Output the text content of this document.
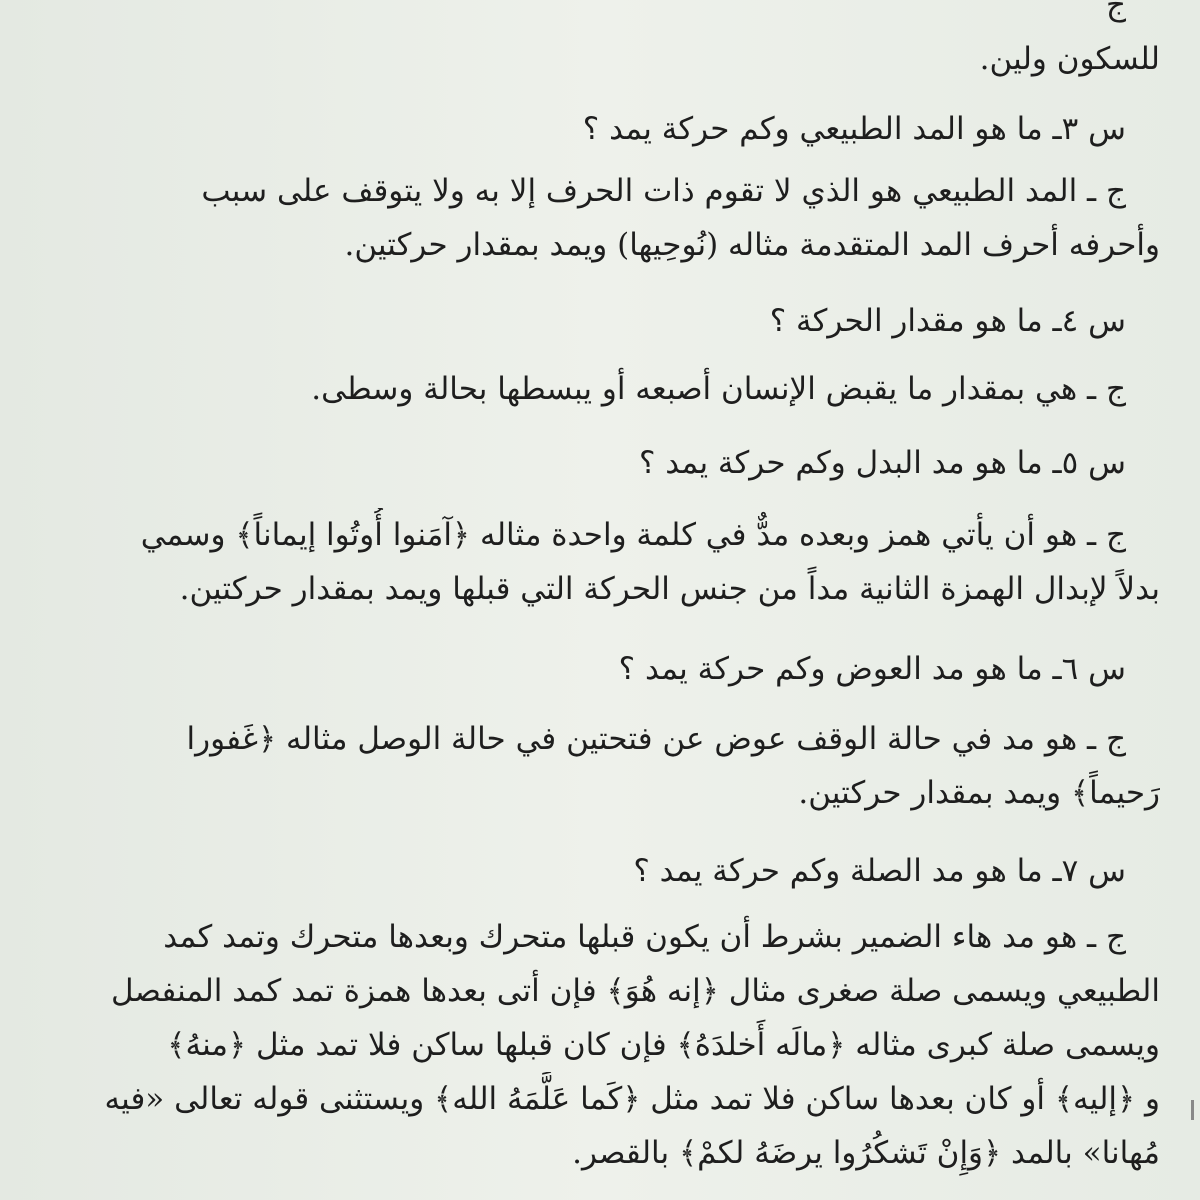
ج
للسكون ولين.
س ٣ـ ما هو المد الطبيعي وكم حركة يمد ؟
ج ـ المد الطبيعي هو الذي لا تقوم ذات الحرف إلا به ولا يتوقف على سبب
وأحرفه أحرف المد المتقدمة مثاله (نُوحِيها) ويمد بمقدار حركتين.
س ٤ـ ما هو مقدار الحركة ؟
ج ـ هي بمقدار ما يقبض الإنسان أصبعه أو يبسطها بحالة وسطى.
س ٥ـ ما هو مد البدل وكم حركة يمد ؟
ج ـ هو أن يأتي همز وبعده مدٌّ في كلمة واحدة مثاله ﴿آمَنوا أُوتُوا إيماناً﴾ وسمي
بدلاً لإبدال الهمزة الثانية مداً من جنس الحركة التي قبلها ويمد بمقدار حركتين.
س ٦ـ ما هو مد العوض وكم حركة يمد ؟
ج ـ هو مد في حالة الوقف عوض عن فتحتين في حالة الوصل مثاله ﴿غَفورا
رَحيماً﴾ ويمد بمقدار حركتين.
س ٧ـ ما هو مد الصلة وكم حركة يمد ؟
ج ـ هو مد هاء الضمير بشرط أن يكون قبلها متحرك وبعدها متحرك وتمد كمد
الطبيعي ويسمى صلة صغرى مثال ﴿إنه هُوَ﴾ فإن أتى بعدها همزة تمد كمد المنفصل
ويسمى صلة كبرى مثاله ﴿مالَه أَخلدَهُ﴾ فإن كان قبلها ساكن فلا تمد مثل ﴿منهُ﴾
و ﴿إليه﴾ أو كان بعدها ساكن فلا تمد مثل ﴿كَما عَلَّمَهُ الله﴾ ويستثنى قوله تعالى «فيه
مُهانا» بالمد ﴿وَإِنْ تَشكُرُوا يرضَهُ لكمْ﴾ بالقصر.
